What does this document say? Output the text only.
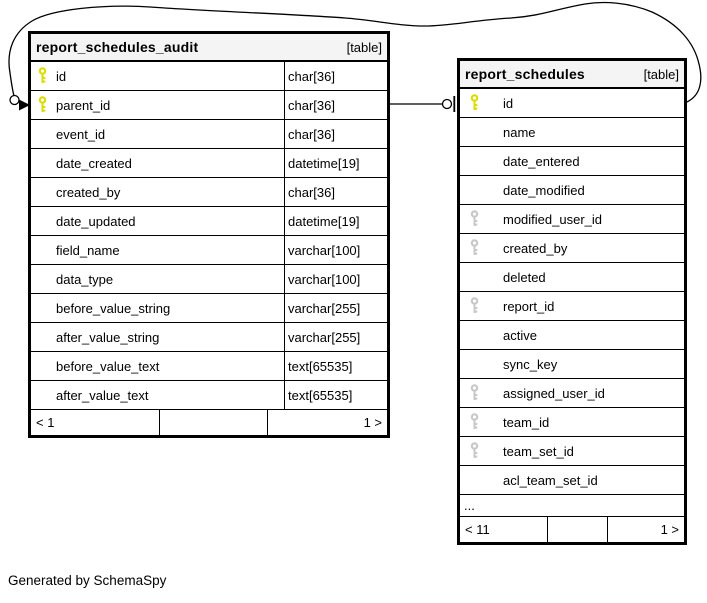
report_schedules_audit	[table]
id	char[36]
parent_id	char[36]
event_id	char[36]
date_created	datetime[19]
created_by	char[36]
date_updated	datetime[19]
field_name	varchar[100]
data_type	varchar[100]
before_value_string	varchar[255]
after_value_string	varchar[255]
before_value_text	text[65535]
after_value_text	text[65535]
< 1	1 >
report_schedules	[table]
id
name
date_entered
date_modified
modified_user_id
created_by
deleted
report_id
active
sync_key
assigned_user_id
team_id
team_set_id
acl_team_set_id
...
< 11	1 >
Generated by SchemaSpy
